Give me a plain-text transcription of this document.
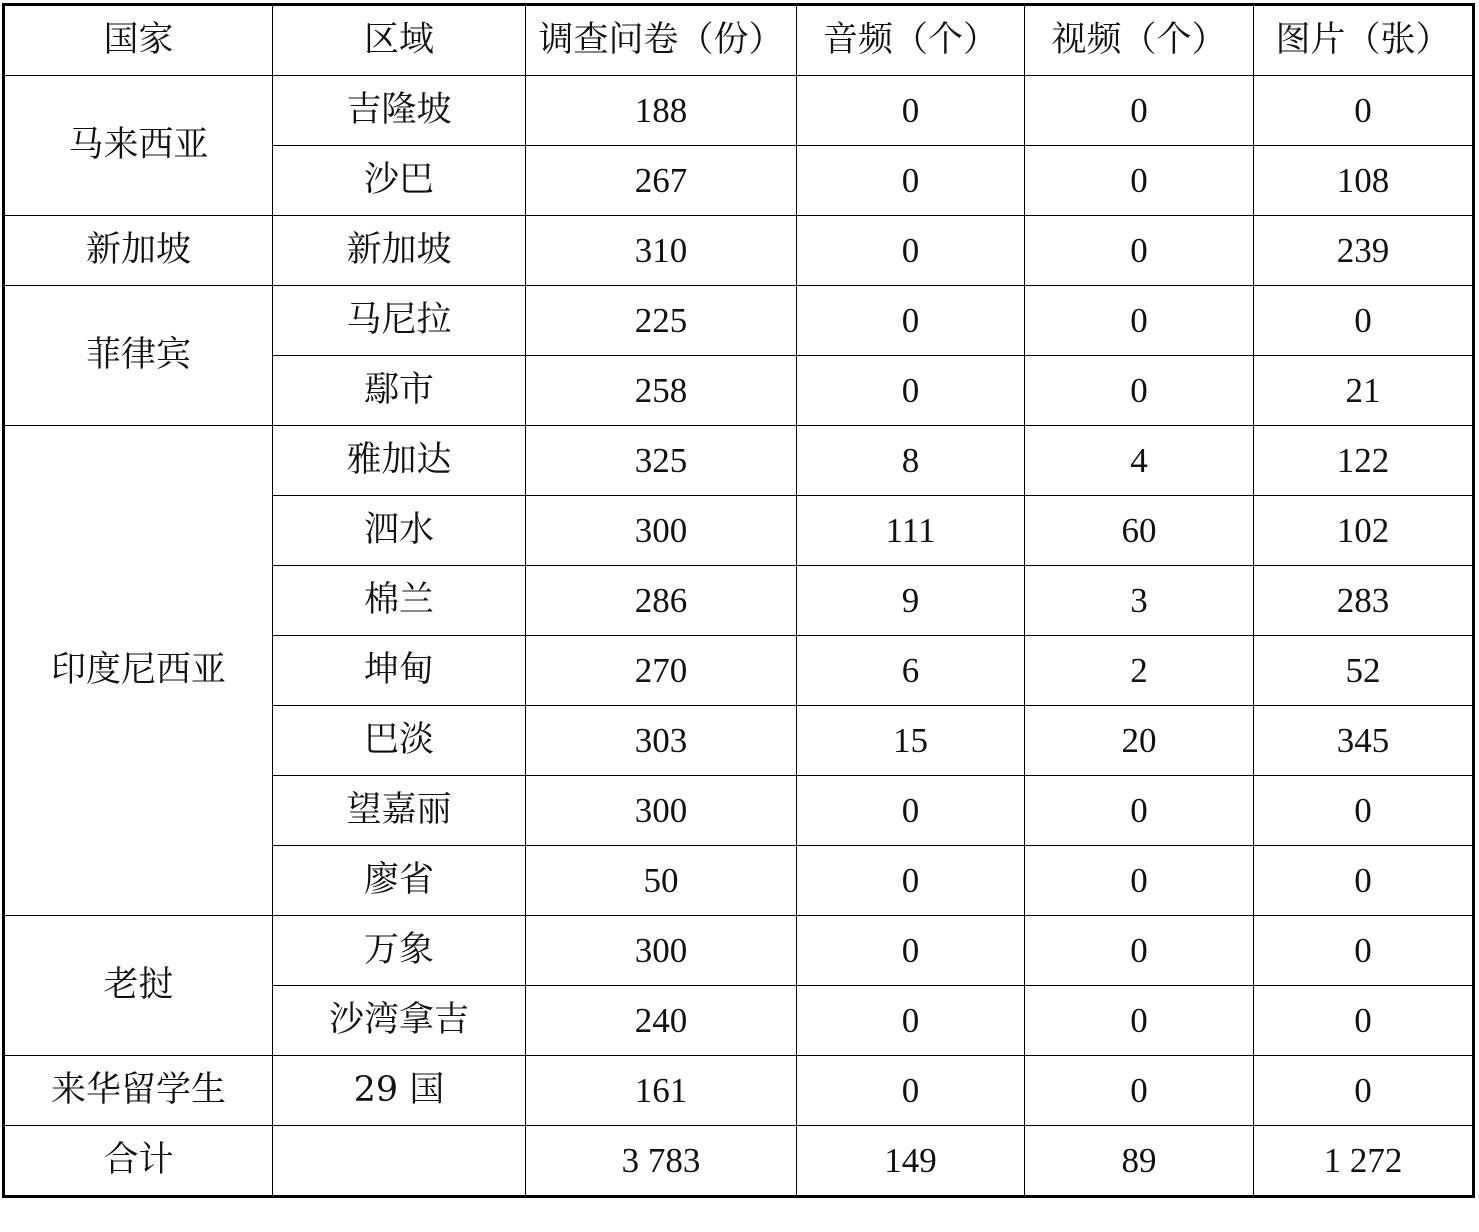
国家	区域	调查问卷（份）	音频（个）	视频（个）	图片（张）
马来西亚	吉隆坡	188	0	0	0
	沙巴	267	0	0	108
新加坡	新加坡	310	0	0	239
菲律宾	马尼拉	225	0	0	0
	鄢市	258	0	0	21
印度尼西亚	雅加达	325	8	4	122
	泗水	300	111	60	102
	棉兰	286	9	3	283
	坤甸	270	6	2	52
	巴淡	303	15	20	345
	望嘉丽	300	0	0	0
	廖省	50	0	0	0
老挝	万象	300	0	0	0
	沙湾拿吉	240	0	0	0
来华留学生	29 国	161	0	0	0
合计		3 783	149	89	1 272
